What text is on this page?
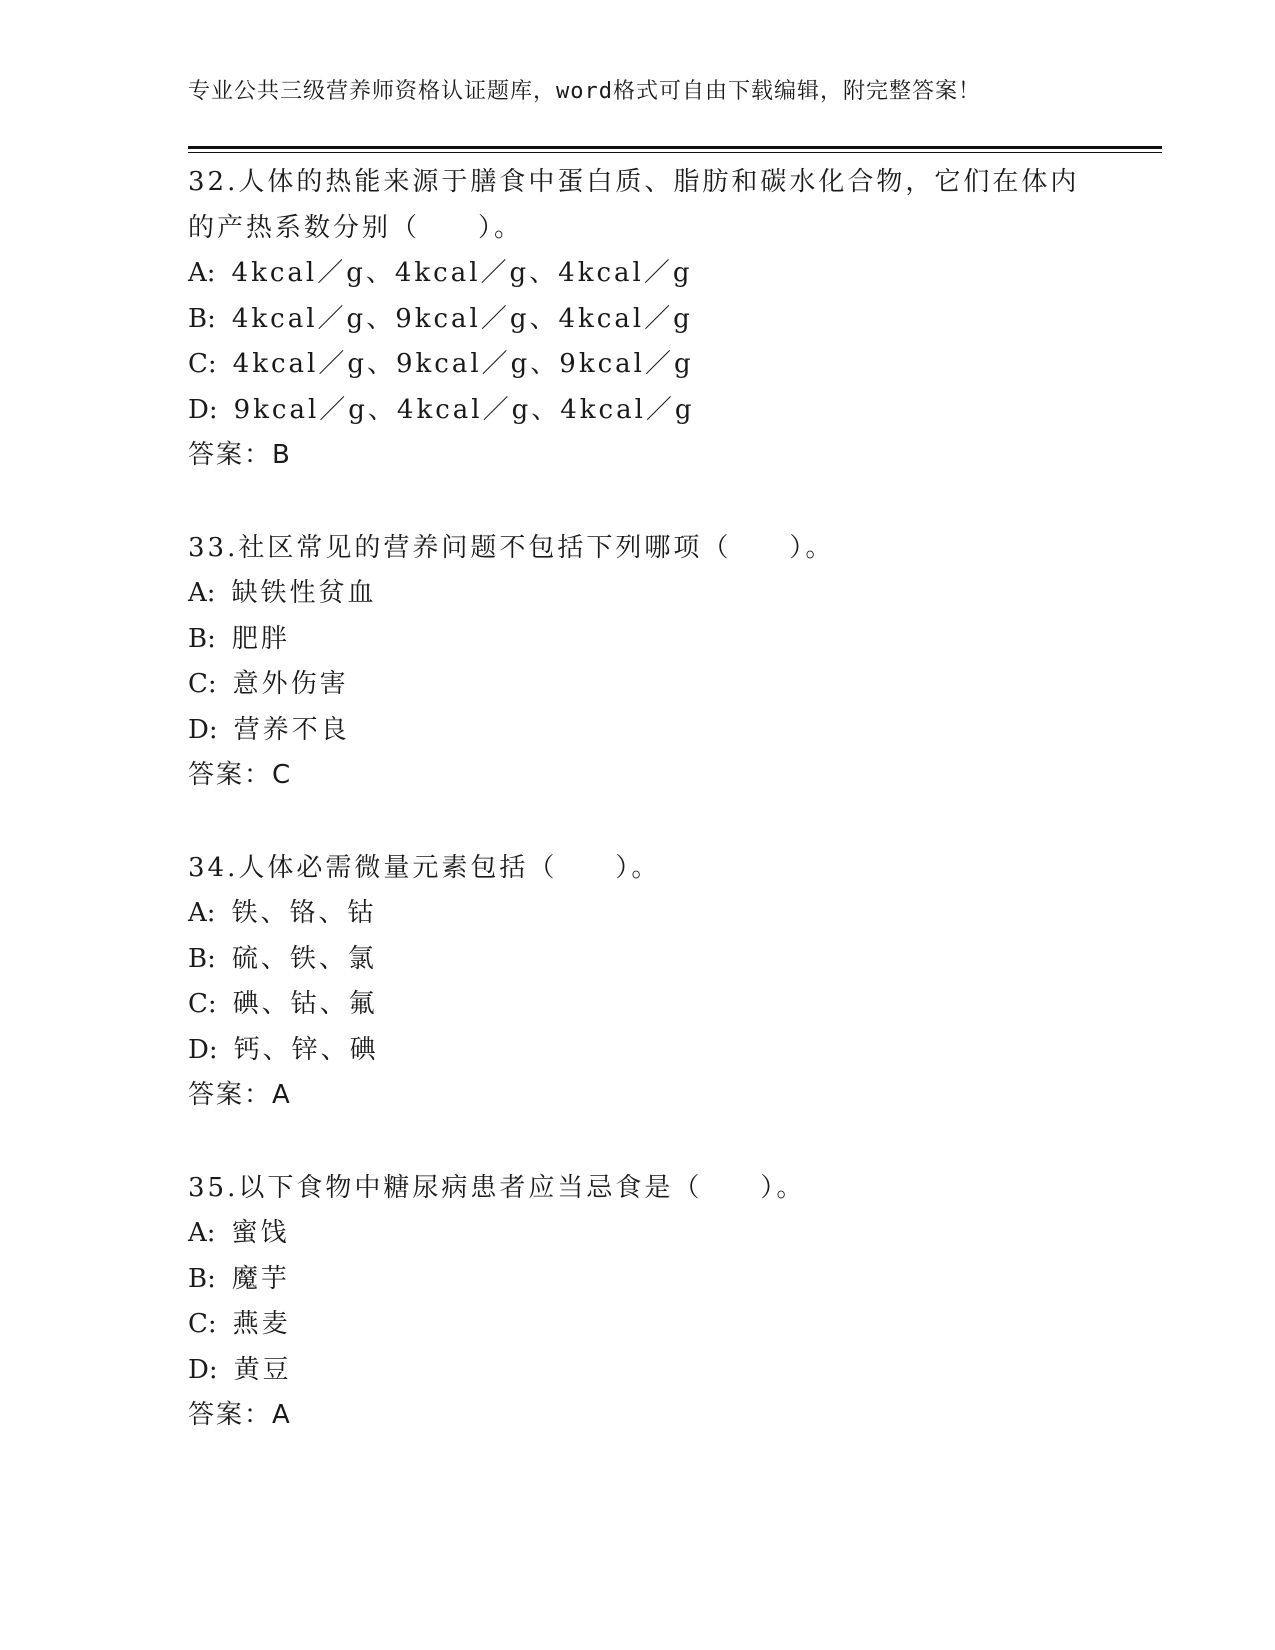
专业公共三级营养师资格认证题库，word格式可自由下载编辑，附完整答案！
32.人体的热能来源于膳食中蛋白质、脂肪和碳水化合物，它们在体内
的产热系数分别（　　）。
A: 4kcal／g、4kcal／g、4kcal／g
B: 4kcal／g、9kcal／g、4kcal／g
C: 4kcal／g、9kcal／g、9kcal／g
D: 9kcal／g、4kcal／g、4kcal／g
答案：B
33.社区常见的营养问题不包括下列哪项（　　）。
A: 缺铁性贫血
B: 肥胖
C: 意外伤害
D: 营养不良
答案：C
34.人体必需微量元素包括（　　）。
A: 铁、铬、钴
B: 硫、铁、氯
C: 碘、钴、氟
D: 钙、锌、碘
答案：A
35.以下食物中糖尿病患者应当忌食是（　　）。
A: 蜜饯
B: 魔芋
C: 燕麦
D: 黄豆
答案：A
